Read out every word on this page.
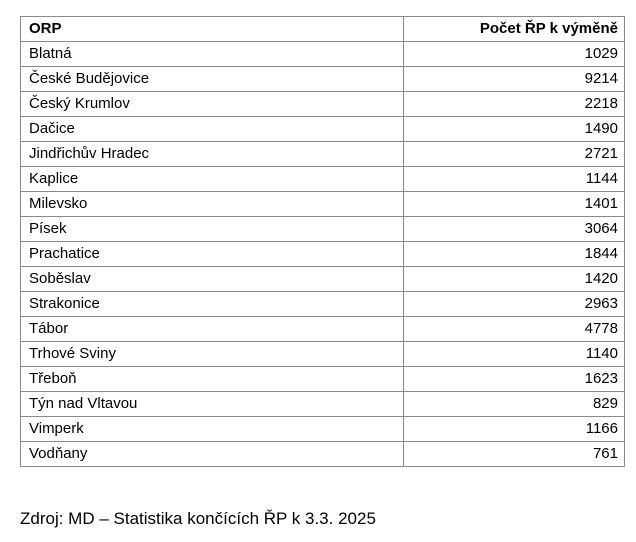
ORP	Počet ŘP k výměně
Blatná	1029
České Budějovice	9214
Český Krumlov	2218
Dačice	1490
Jindřichův Hradec	2721
Kaplice	1144
Milevsko	1401
Písek	3064
Prachatice	1844
Soběslav	1420
Strakonice	2963
Tábor	4778
Trhové Sviny	1140
Třeboň	1623
Týn nad Vltavou	829
Vimperk	1166
Vodňany	761
Zdroj: MD – Statistika končících ŘP k 3.3. 2025
